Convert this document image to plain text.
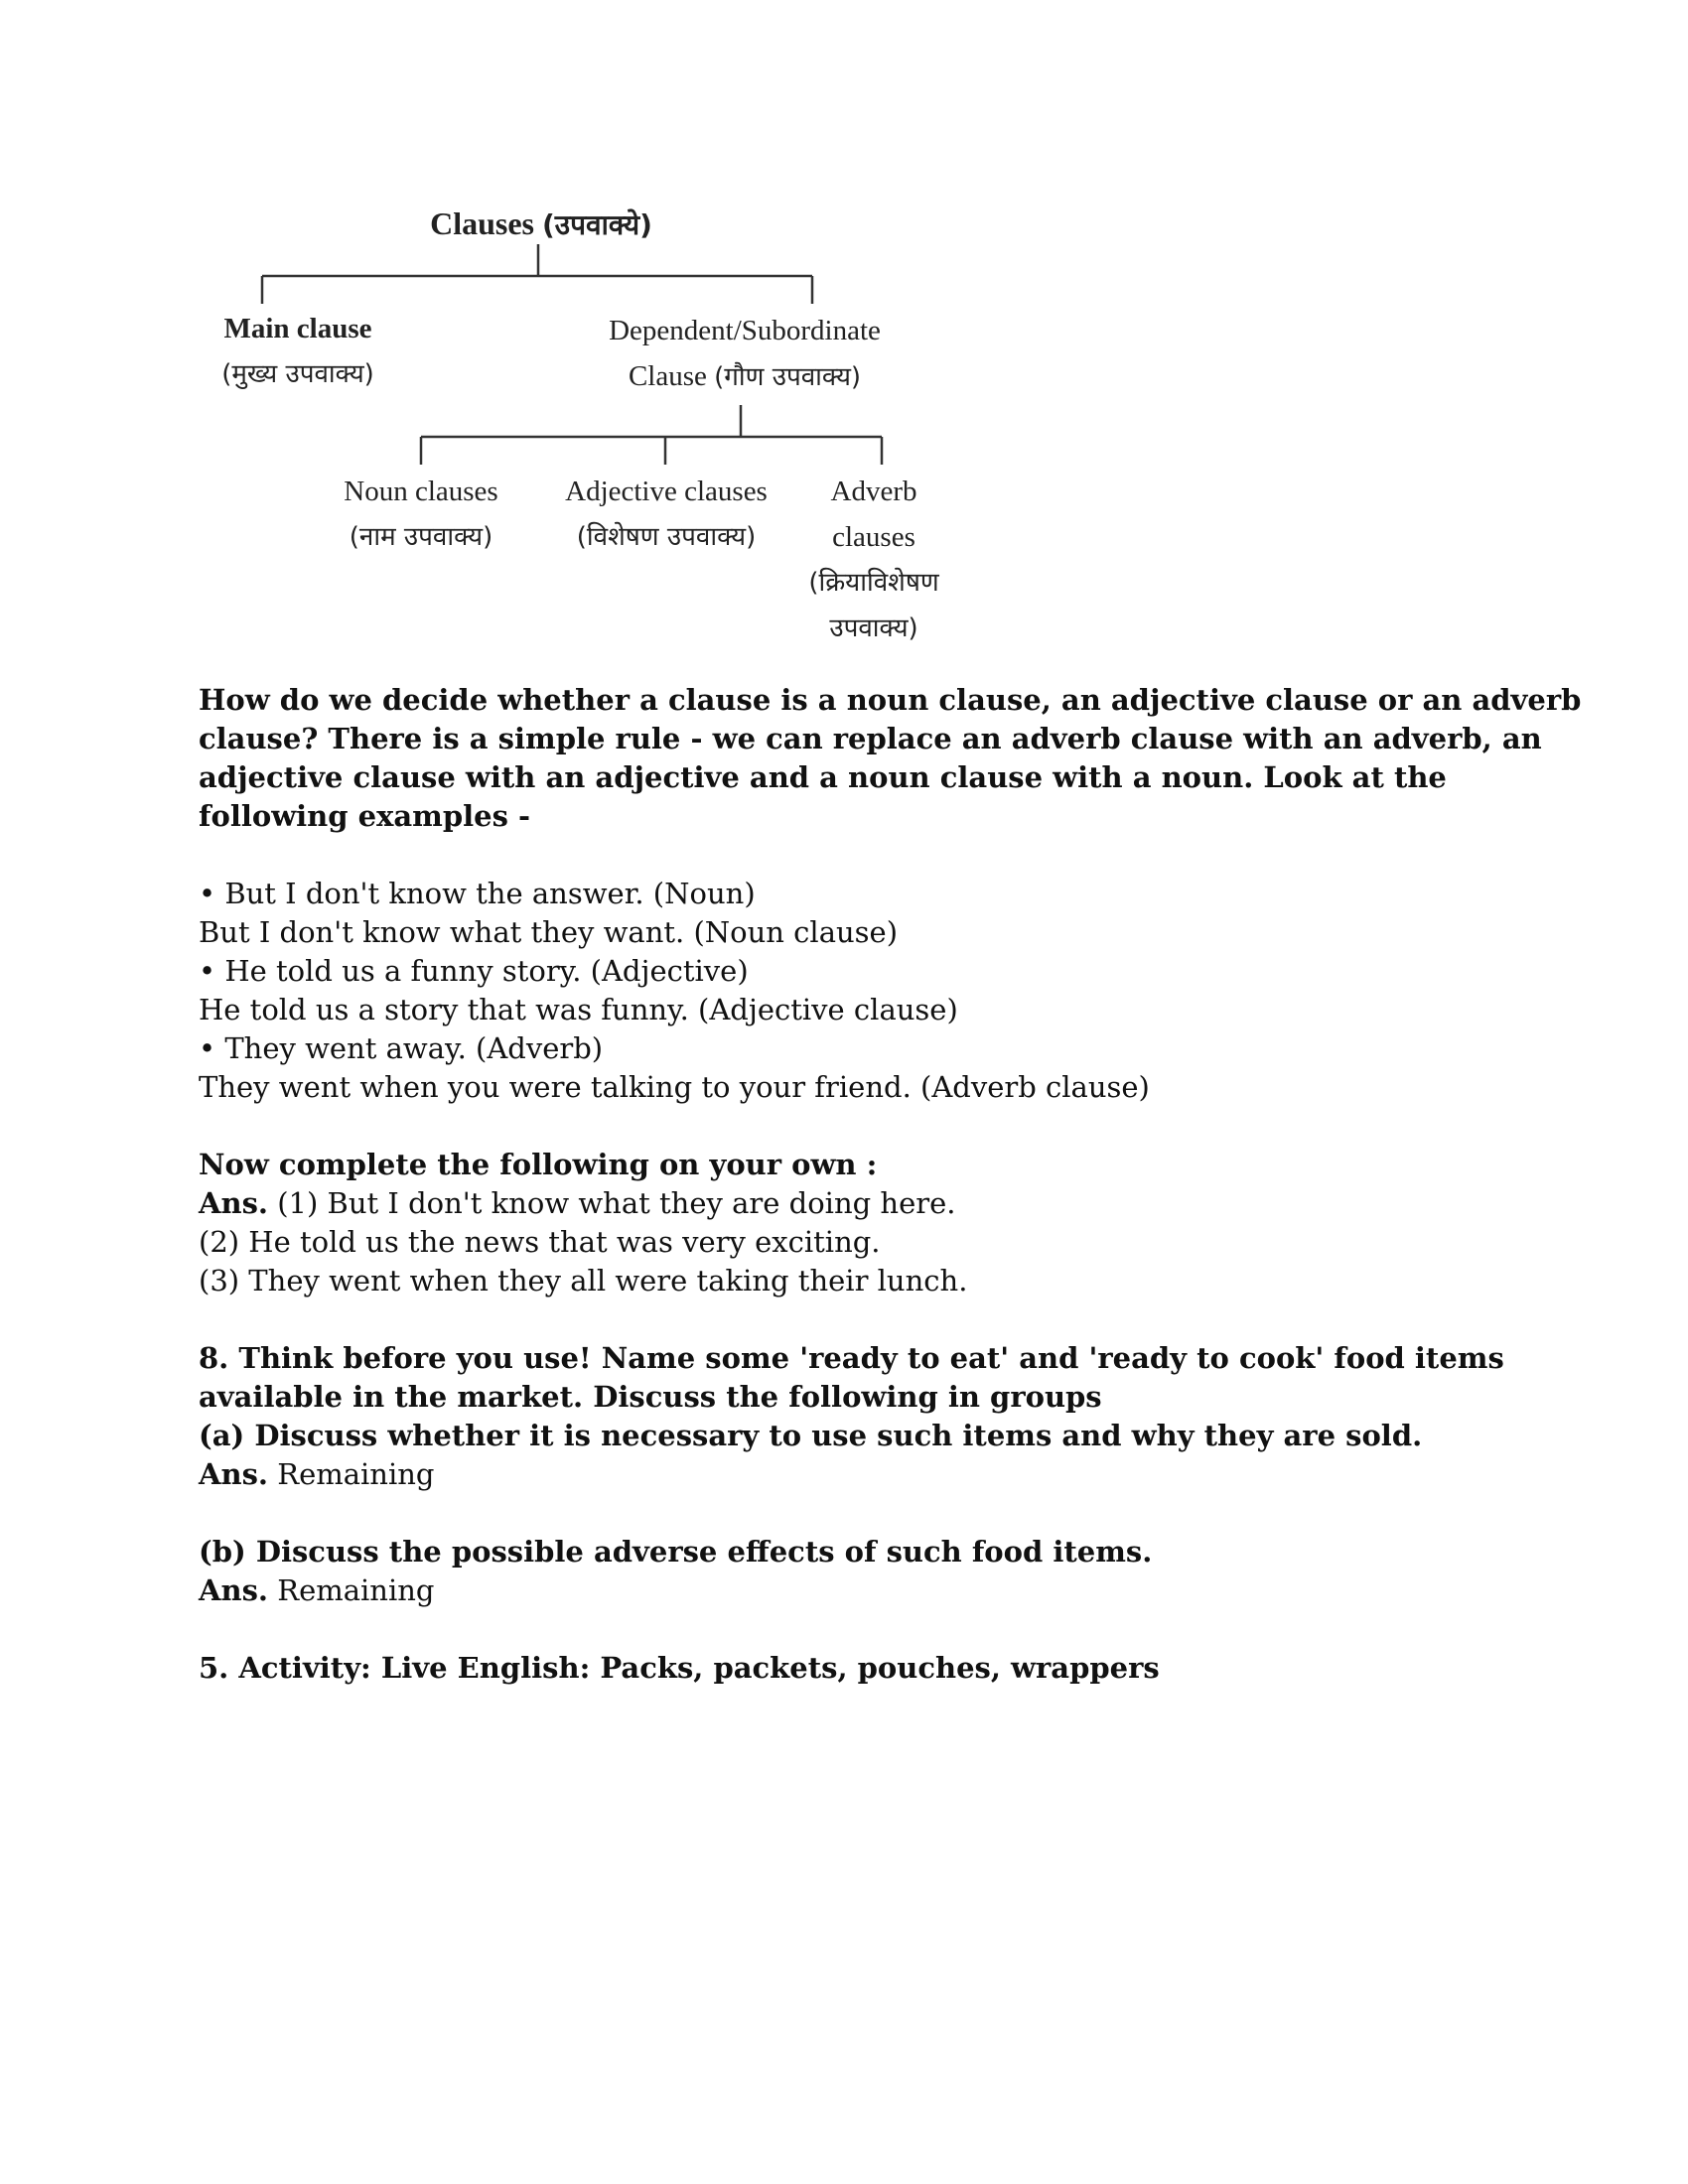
Clauses (उपवाक्ये)
Main clause
(मुख्य उपवाक्य)
Dependent/Subordinate
Clause (गौण उपवाक्य)
Noun clauses
(नाम उपवाक्य)
Adjective clauses
(विशेषण उपवाक्य)
Adverb
clauses
(क्रियाविशेषण
उपवाक्य)

How do we decide whether a clause is a noun clause, an adjective clause or an adverb

clause? There is a simple rule - we can replace an adverb clause with an adverb, an

adjective clause with an adjective and a noun clause with a noun. Look at the

following examples -

• But I don't know the answer. (Noun)

But I don't know what they want. (Noun clause)

• He told us a funny story. (Adjective)

He told us a story that was funny. (Adjective clause)

• They went away. (Adverb)

They went when you were talking to your friend. (Adverb clause)

Now complete the following on your own :

Ans. (1) But I don't know what they are doing here.

(2) He told us the news that was very exciting.

(3) They went when they all were taking their lunch.

8. Think before you use! Name some 'ready to eat' and 'ready to cook' food items

available in the market. Discuss the following in groups

(a) Discuss whether it is necessary to use such items and why they are sold.

Ans. Remaining

(b) Discuss the possible adverse effects of such food items.

Ans. Remaining

5. Activity: Live English: Packs, packets, pouches, wrappers
